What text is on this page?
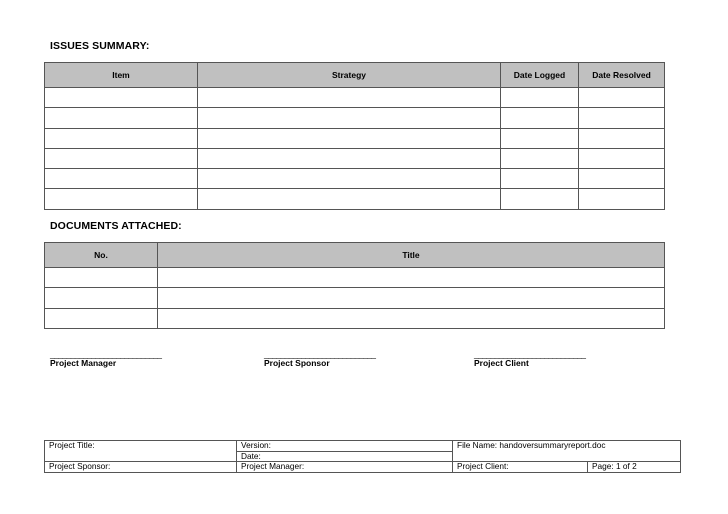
ISSUES SUMMARY:
Item	Strategy	Date Logged	Date Resolved

DOCUMENTS ATTACHED:
No.	Title

___________________________
Project Manager
___________________________
Project Sponsor
___________________________
Project Client
Project Title:	Version:	File Name: handoversummaryreport.doc	
	Date:		
Project Sponsor:	Project Manager:	Project Client:	Page: 1 of 2
